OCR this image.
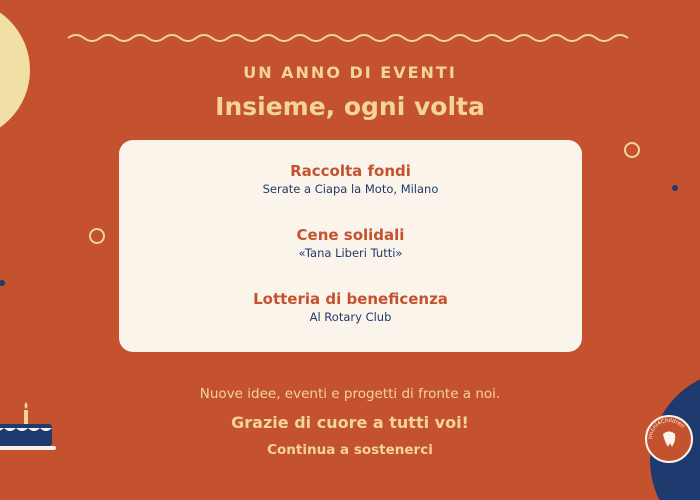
UN ANNO DI EVENTI
Insieme, ogni volta
Raccolta fondi
Serate a Ciapa la Moto, Milano
Cene solidali
«Tana Liberi Tutti»
Lotteria di beneficenza
Al Rotary Club
Nuove idee, eventi e progetti di fronte a noi.
Grazie di cuore a tutti voi!
Continua a sostenerci
Imoni4Children
